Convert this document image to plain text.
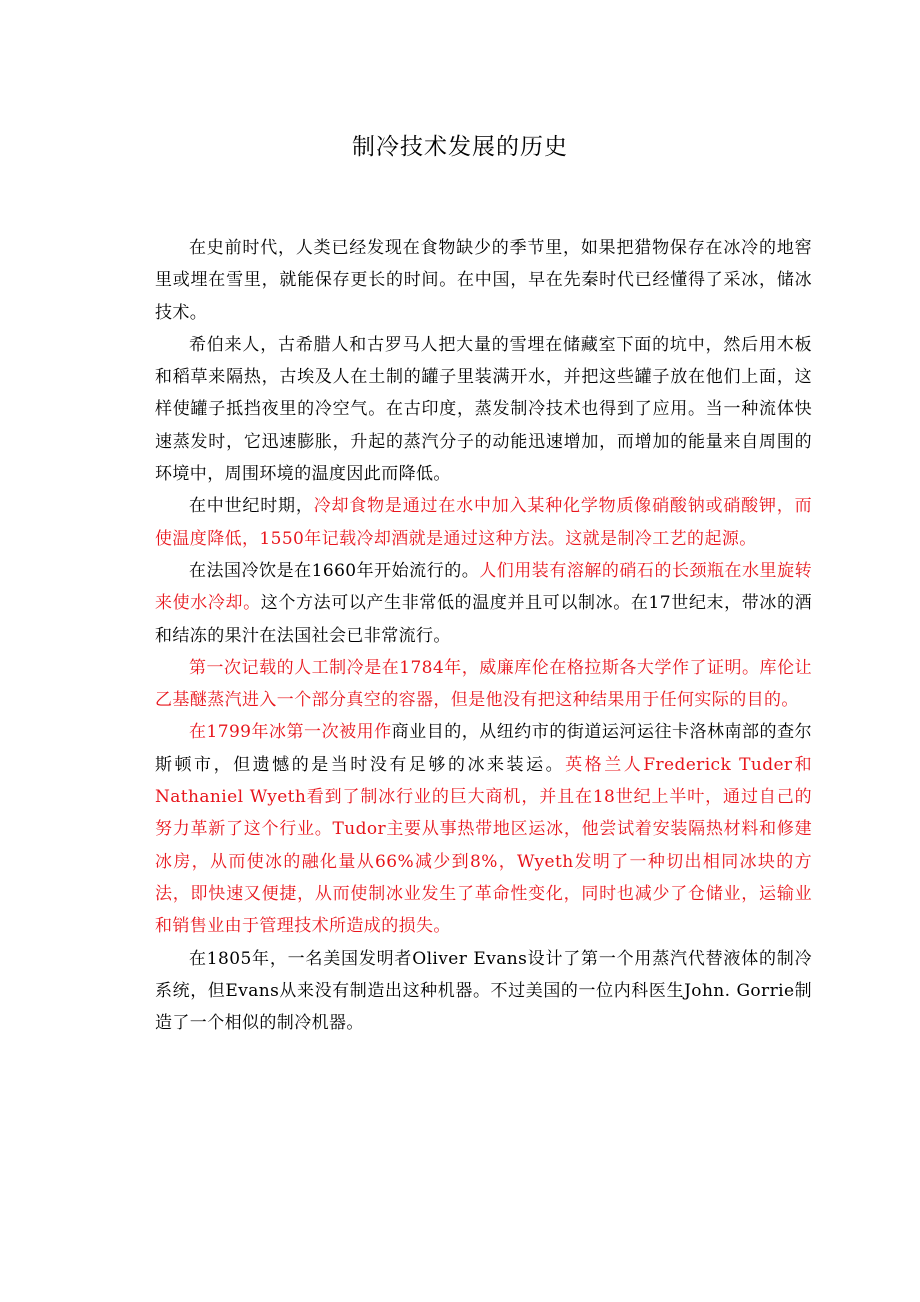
制冷技术发展的历史

在史前时代，人类已经发现在食物缺少的季节里，如果把猎物保存在冰冷的地窖里或埋在雪里，就能保存更长的时间。在中国，早在先秦时代已经懂得了采冰，储冰技术。

希伯来人，古希腊人和古罗马人把大量的雪埋在储藏室下面的坑中，然后用木板和稻草来隔热，古埃及人在土制的罐子里装满开水，并把这些罐子放在他们上面，这样使罐子抵挡夜里的冷空气。在古印度，蒸发制冷技术也得到了应用。当一种流体快速蒸发时，它迅速膨胀，升起的蒸汽分子的动能迅速增加，而增加的能量来自周围的环境中，周围环境的温度因此而降低。

在中世纪时期，冷却食物是通过在水中加入某种化学物质像硝酸钠或硝酸钾，而使温度降低，1550年记载冷却酒就是通过这种方法。这就是制冷工艺的起源。

在法国冷饮是在1660年开始流行的。人们用装有溶解的硝石的长颈瓶在水里旋转来使水冷却。这个方法可以产生非常低的温度并且可以制冰。在17世纪末，带冰的酒和结冻的果汁在法国社会已非常流行。

第一次记载的人工制冷是在1784年，威廉库伦在格拉斯各大学作了证明。库伦让乙基醚蒸汽进入一个部分真空的容器，但是他没有把这种结果用于任何实际的目的。

在1799年冰第一次被用作商业目的，从纽约市的街道运河运往卡洛林南部的查尔斯顿市，但遗憾的是当时没有足够的冰来装运。英格兰人Frederick Tuder和Nathaniel Wyeth看到了制冰行业的巨大商机，并且在18世纪上半叶，通过自己的努力革新了这个行业。Tudor主要从事热带地区运冰，他尝试着安装隔热材料和修建冰房，从而使冰的融化量从66%减少到8%，Wyeth发明了一种切出相同冰块的方法，即快速又便捷，从而使制冰业发生了革命性变化，同时也减少了仓储业，运输业和销售业由于管理技术所造成的损失。

在1805年，一名美国发明者Oliver Evans设计了第一个用蒸汽代替液体的制冷系统，但Evans从来没有制造出这种机器。不过美国的一位内科医生John. Gorrie制造了一个相似的制冷机器。
